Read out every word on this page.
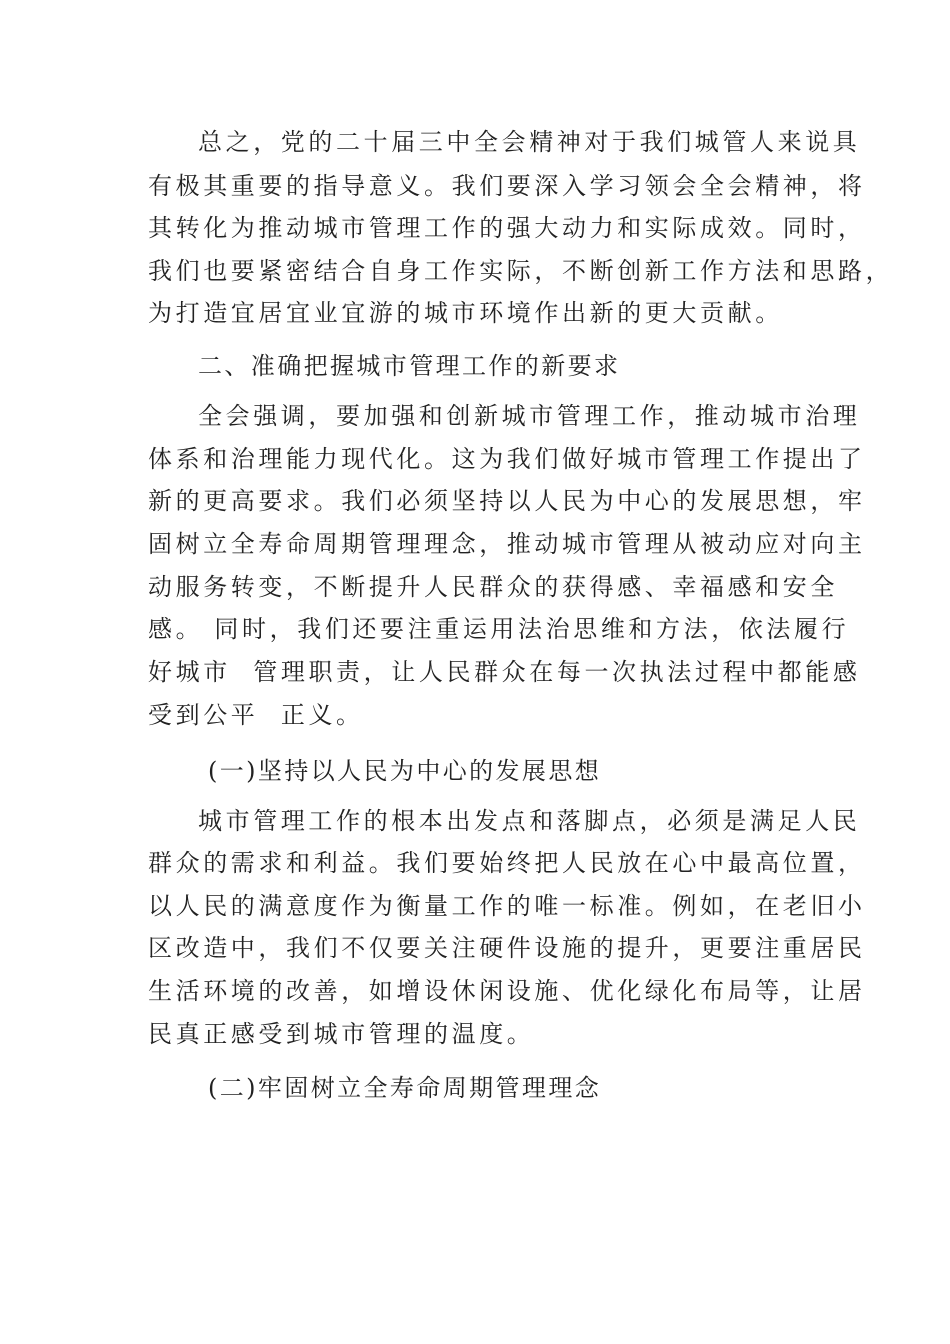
总之，党的二十届三中全会精神对于我们城管人来说具

有极其重要的指导意义。我们要深入学习领会全会精神，将

其转化为推动城市管理工作的强大动力和实际成效。同时，

我们也要紧密结合自身工作实际，不断创新工作方法和思路，

为打造宜居宜业宜游的城市环境作出新的更大贡献。

二、准确把握城市管理工作的新要求

全会强调，要加强和创新城市管理工作，推动城市治理

体系和治理能力现代化。这为我们做好城市管理工作提出了

新的更高要求。我们必须坚持以人民为中心的发展思想，牢

固树立全寿命周期管理理念，推动城市管理从被动应对向主

动服务转变，不断提升人民群众的获得感、幸福感和安全

感。 同时，我们还要注重运用法治思维和方法，依法履行

好城市  管理职责，让人民群众在每一次执法过程中都能感

受到公平  正义。

(一)坚持以人民为中心的发展思想

城市管理工作的根本出发点和落脚点，必须是满足人民

群众的需求和利益。我们要始终把人民放在心中最高位置，

以人民的满意度作为衡量工作的唯一标准。例如，在老旧小

区改造中，我们不仅要关注硬件设施的提升，更要注重居民

生活环境的改善，如增设休闲设施、优化绿化布局等，让居

民真正感受到城市管理的温度。

(二)牢固树立全寿命周期管理理念
